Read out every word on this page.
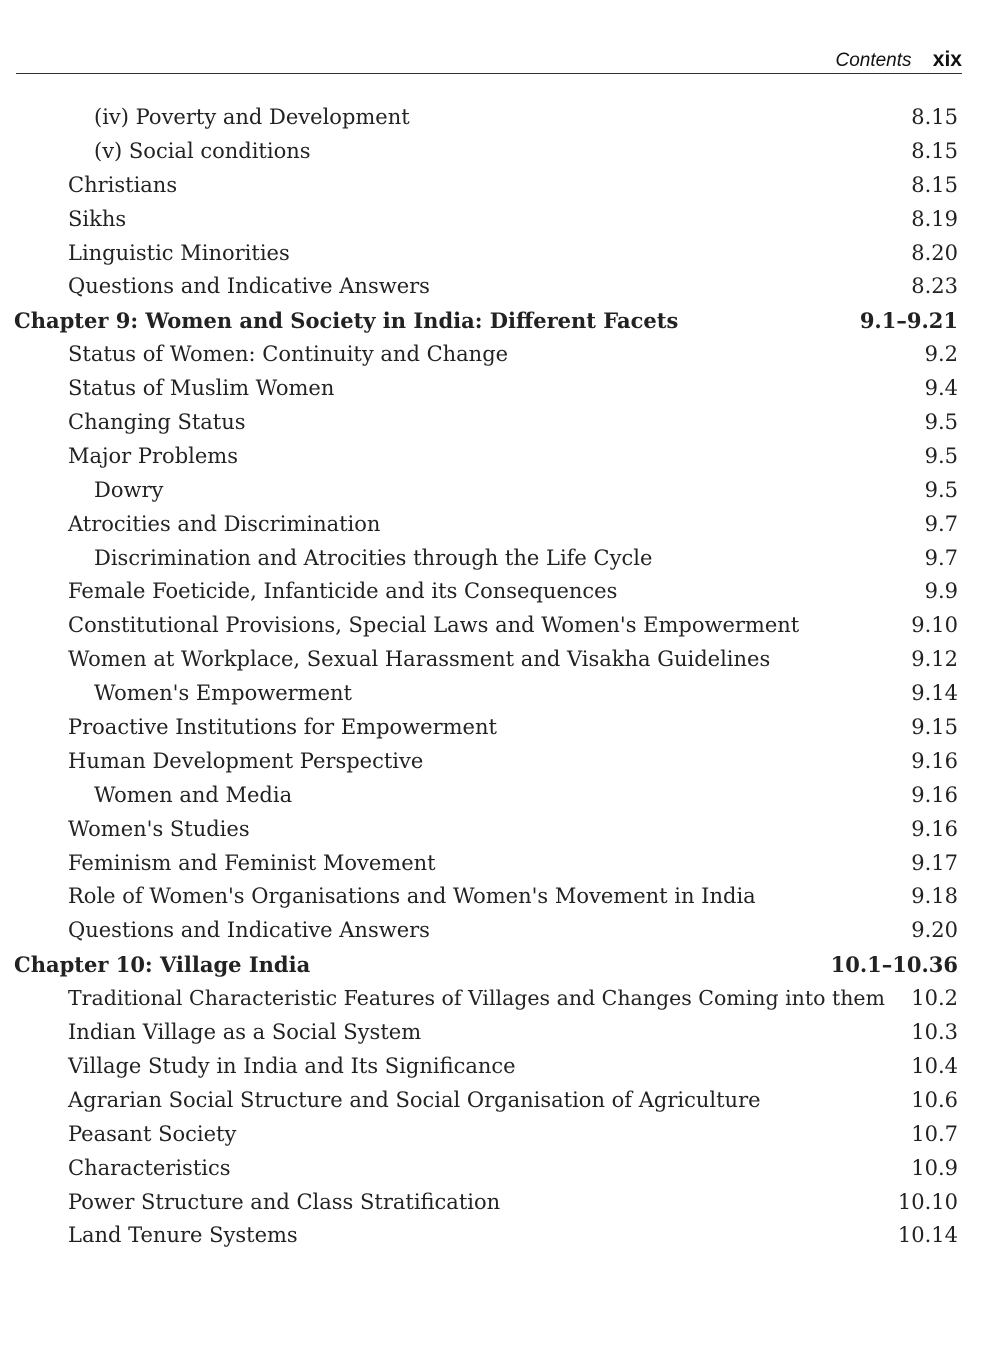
Contents xix
(iv) Poverty and Development	8.15
(v) Social conditions	8.15
Christians	8.15
Sikhs	8.19
Linguistic Minorities	8.20
Questions and Indicative Answers	8.23
Chapter 9: Women and Society in India: Different Facets	9.1–9.21
Status of Women: Continuity and Change	9.2
Status of Muslim Women	9.4
Changing Status	9.5
Major Problems	9.5
Dowry	9.5
Atrocities and Discrimination	9.7
Discrimination and Atrocities through the Life Cycle	9.7
Female Foeticide, Infanticide and its Consequences	9.9
Constitutional Provisions, Special Laws and Women's Empowerment	9.10
Women at Workplace, Sexual Harassment and Visakha Guidelines	9.12
Women's Empowerment	9.14
Proactive Institutions for Empowerment	9.15
Human Development Perspective	9.16
Women and Media	9.16
Women's Studies	9.16
Feminism and Feminist Movement	9.17
Role of Women's Organisations and Women's Movement in India	9.18
Questions and Indicative Answers	9.20
Chapter 10: Village India	10.1–10.36
Traditional Characteristic Features of Villages and Changes Coming into them 10.2
Indian Village as a Social System	10.3
Village Study in India and Its Significance	10.4
Agrarian Social Structure and Social Organisation of Agriculture	10.6
Peasant Society	10.7
Characteristics	10.9
Power Structure and Class Stratification	10.10
Land Tenure Systems	10.14
